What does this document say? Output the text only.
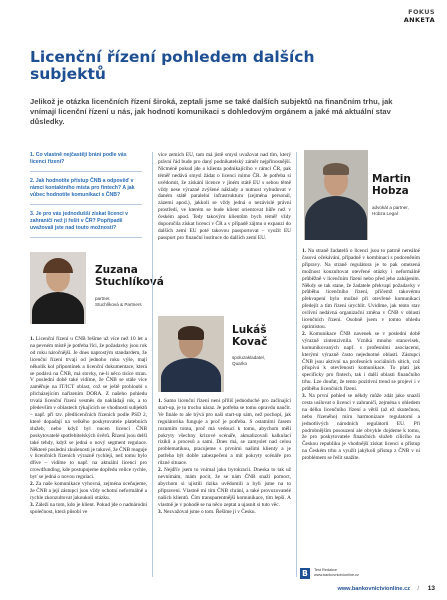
FOKUS
ANKETA
Licenční řízení pohledem dalších subjektů

Jelikož je otázka licenčních řízení široká, zeptali jsme se také dalších subjektů na finančním trhu, jak vnímají licenční řízení u nás, jak hodnotí komunikaci s dohledovým orgánem a jaké má aktuální stav důsledky.

1. Co vlastně nejčastěji brání podle vás licenci řízení?
2. Jak hodnotíte přístup ČNB a odpověď v rámci kontaktního místa pro fintech? A jak vůbec hodnotíte komunikaci s ČNB?
3. Je pro vás jednodušší získat licenci v zahraničí než ji řešit v ČR? Popřípadě uvažovali jste nad touto možností?
Zuzana
Stuchlíková
partner,
Stuchlíková & Partners
Lukáš
Kovač
spoluzakladatel,
Quarko
Martin
Hobza
advokát a partner,
Hobza Legal

1. Licenční řízení u ČNB řešíme už více než 10 let a na pevném místě je potřeba říci, že požadavky jsou rok od roku náročnější. Je dnes naprostým standardem, že licenční řízení trvají od jednoho roku výše, mají několik kol připomínek a licenční dokumentace, která se podává na ČNB, má stovky, ne-li něco tisíce stran. V poslední době také vidíme, že ČNB se stále více zaměřuje na IT/ICT oblast, což se ještě prohloubí s přicházejícím nařízením DORA. Z našeho pohledu trvalá licenční řízení vesměs do nakládají rok, a to především v oblastech týkajících se vhodnosti subjektů – např. při tzv. předlicenčních řízeních podle PSD 2, které dopadají na velkého poskytovatele platebních služeb, nebo když byl nucen licencí ČNB poskytovatelé spotřebitelských úvěrů. Řízení jsou delší také tehdy, když se jedná o nový segment regulace. Některé poslední zkušenosti je takové, že ČNB reaguje v licenčních řízeních výrazně rychleji, než tomu bylo dříve – vidíme to např. na aktuální licenci pro crowdfunding, kde postupujeme dopředu velice rychle, byť se jedná o novou regulaci.

2. Za naše komunikace vyhovná, zejména oceňujeme, že ČNB a její zástupci jsou vždy ochotní neformálně a rychle zkonzultovat jakoukoli otázku.

3. Záleží na tom, kdo je klient. Pokud jde o nadnárodní společnost, která působí ve

více zemích EU, tam má jistě smysl uvažovat nad tím, který právní řád bude pro daný podnikatelský záměr nejpřínosnější. Nicméně pokud jde o klienta podnikajícího v rámci ČR, pak téměř nedává smysl žádat o licenci mimo ČR. Je potřeba si uvědomit, že získání licence v jiném státě EU s sebou těmě vždy nese výrazné zvýšené náklady a nutnost vybudovat v daném státě paralelní infrastrukturu (zejména personál, zázemí apod.), jakkoli se vždy jedná o nezávislé právní prostředí, ve kterém se bude klient orientovat hůře než v českém apod. Tedy takovým klientům bych téměř vždy doporučila získat licenci v ČR a v případě zájmu o expanzi do dalších zemí EU poté takovou passportovat – využít EU passport pro finanční instituce do dalších zemí EU.

1. Samo licenční řízení není příliš jednoduché pro začínající start-up, je to trochu náraz. Je potřeba se tomu opravdu naučit. Ve finále to ale bývá pro naši start-up sám, než pochopí, jak regulátorika funguje a proč je potřeba. S ostatními časem rozumím tomu, proč má vedoucí k tomu, abychom měli pokryty všechny krizové scénáře, aktualizovali kalkulaci riziků a procesů a sami. Dnes má, se zamyslet nad celou problematikou, pracujeme s prvními našimi klienty a je potřeba být dobře zabezpečeni a mít pokryty scénáře pro různé situace.

2. Nejdřív jsem to vnímal jako byrokracii. Dneska to tak už nevnímám, mám pocit, že se nám ČNB snaží pomoct, abychom si ujistili rizika uvědomili a byli jsme na to připraveni. Vlastně mi tím ČNB chrání, a také provozovatelé naších klientů. Čím transparentnější komunikace, tím lepší. A vlastně je v pohodě se na něco zeptat a ujasnit si tuto věc.

3. Nezvažoval jsme o tom. Řešíme ji v Česku.

1. Na straně žadatelů o licenci jsou to patrně nereálné časová očekávání, případně v kombinaci s podceněním přípravy. Na straně regulátora je to pak omezená možnost konzultovat otevřené otázky i neformálně průběžně v licenčním řízení nebo před jeho zahájením. Někdy se tak stane, že žadatele překvapí požadavky v průběhu licenčního řízení, přičemž takovému překvapení bylo možné při otevřené komunikaci předejít a tím řízení urychlit. Uvidíme, jak tento stav ovlivní nedávná organizační změna v ČNB v oblasti licenčních řízení. Osobně jsem v tomto ohledu optimistou.

2. Komunikace ČNB navenek se v poslední době výrazně zintenzivnila. Vzniká mnoho stanovisek, komunikovaných např. s profesními asociacemi, kterými výrazně často nejednotné oblasti. Zástupci ČNB jsou aktivní na profesních sociálních sítích, což přispívá k otevřenosti komunikace. To platí jak specificky pro fintech, tak i další oblasti finančního trhu. Lze doufat, že tento pozitivní trend se projeví i v průběhu licenčních řízení.

3. Na první pohled se někdy může zdát jako snazší cesta usilovat o licenci v zahraničí, zejména s ohledem na délku licenčního řízení a větší (až ež skutečnou, nebo řízeného) míru harmonizace regulatorní a jednotlivých národních regulátorů EU. Při podrobnějším posouzení ale obvykle dojdeme k tomu, že pro poskytovatele finančních služeb cílícího na Českou republiku je vhodnější získat licenci u přístup na Českém trhu a využít jakýkoli přístup z ČNB v ní problémem se řešit snažíte.

B	Test Redakce
www.bankovnictvionline.cz
www.bankovnictvionline.cz / 13
